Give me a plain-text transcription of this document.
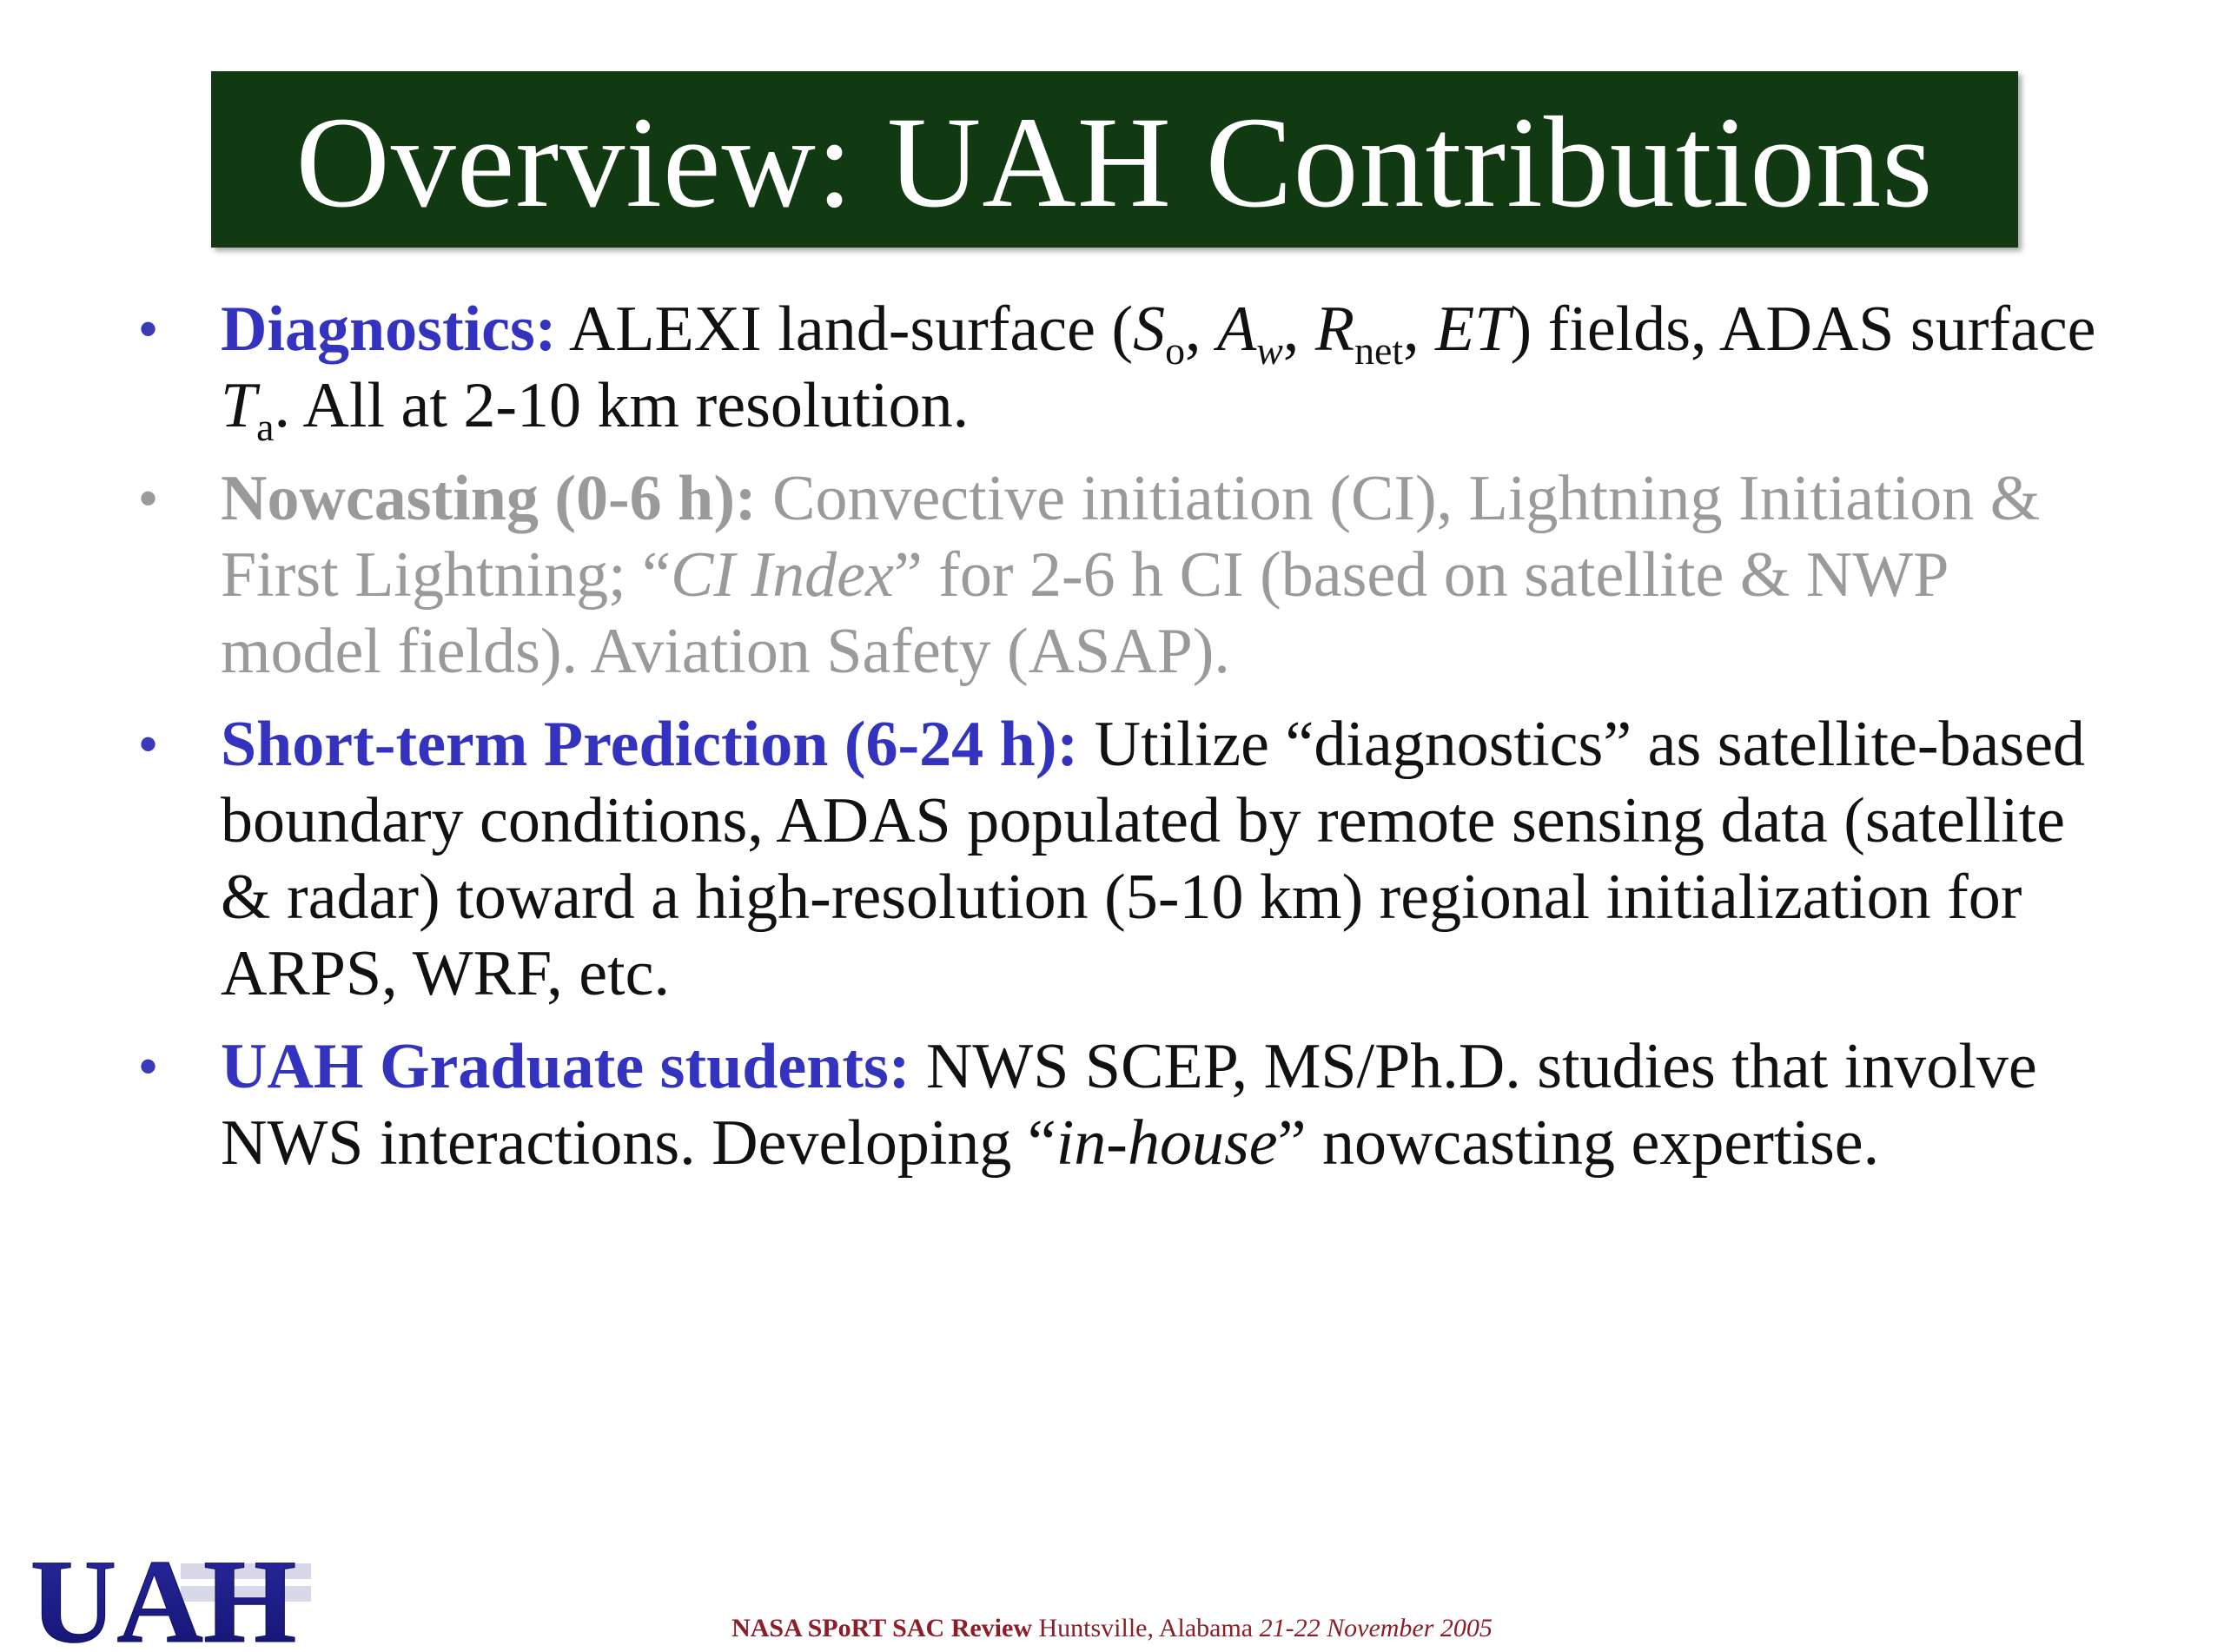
Overview: UAH Contributions
• Diagnostics: ALEXI land-surface ($S_o$, $A_w$, $R_{net}$, ET) fields, ADAS surface $T_a$. All at 2-10 km resolution.
• Nowcasting (0-6 h): Convective initiation (CI), Lightning Initiation & First Lightning; “CI Index” for 2-6 h CI (based on satellite & NWP model fields). Aviation Safety (ASAP).
• Short-term Prediction (6-24 h): Utilize “diagnostics” as satellite-based boundary conditions, ADAS populated by remote sensing data (satellite & radar) toward a high-resolution (5-10 km) regional initialization for ARPS, WRF, etc.
• UAH Graduate students: NWS SCEP, MS/Ph.D. studies that involve NWS interactions. Developing “in-house” nowcasting expertise.
UAH	NASA SPoRT SAC Review Huntsville, Alabama 21-22 November 2005
